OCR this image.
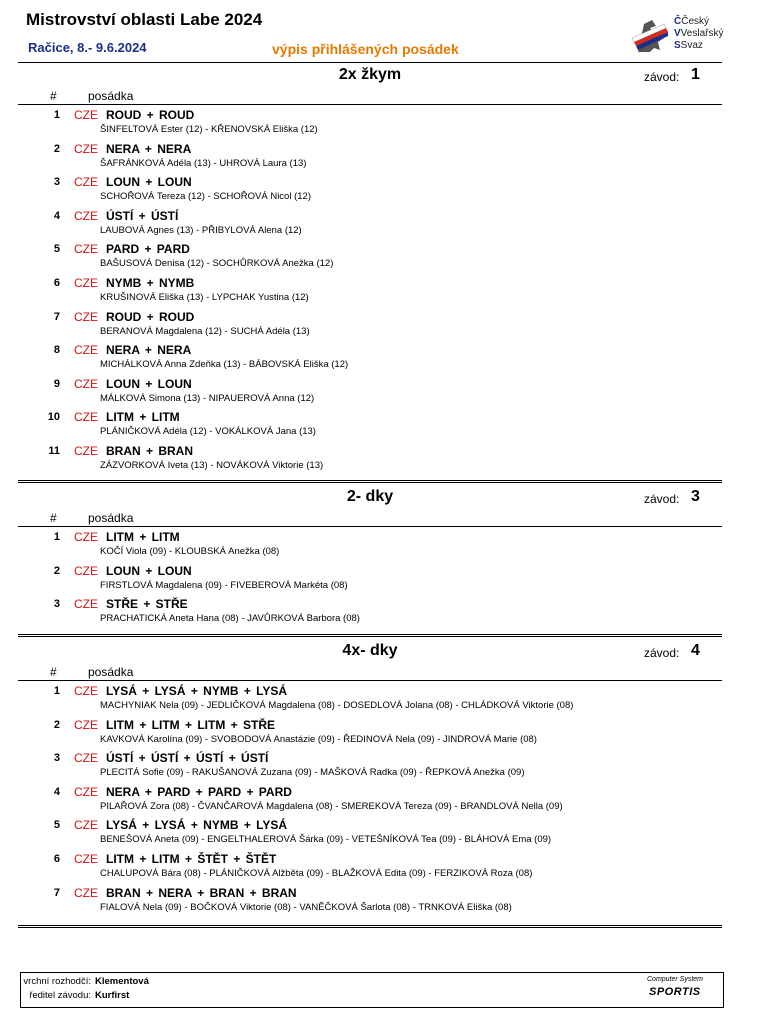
Mistrovství oblasti Labe 2024
Račice, 8.- 9.6.2024	výpis přihlášených posádek
ČČeský
VVeslařský
SSvaz
2x žkym	závod: 1
#	posádka
1 CZE ROUD + ROUD
ŠINFELTOVÁ Ester (12) - KŘENOVSKÁ Eliška (12)
2 CZE NERA + NERA
ŠAFRÁNKOVÁ Adéla (13) - UHROVÁ Laura (13)
3 CZE LOUN + LOUN
SCHOŘOVÁ Tereza (12) - SCHOŘOVÁ Nicol (12)
4 CZE ÚSTÍ + ÚSTÍ
LAUBOVÁ Agnes (13) - PŘIBYLOVÁ Alena (12)
5 CZE PARD + PARD
BAŠUSOVÁ Denisa (12) - SOCHŮRKOVÁ Anežka (12)
6 CZE NYMB + NYMB
KRUŠINOVÁ Eliška (13) - LYPCHAK Yustina (12)
7 CZE ROUD + ROUD
BERANOVÁ Magdalena (12) - SUCHÁ Adéla (13)
8 CZE NERA + NERA
MICHÁLKOVÁ Anna Zdeňka (13) - BÁBOVSKÁ Eliška (12)
9 CZE LOUN + LOUN
MÁLKOVÁ Simona (13) - NIPAUEROVÁ Anna (12)
10 CZE LITM + LITM
PLÁNIČKOVÁ Adéla (12) - VOKÁLKOVÁ Jana (13)
11 CZE BRAN + BRAN
ZÁZVORKOVÁ Iveta (13) - NOVÁKOVÁ Viktorie (13)
2- dky	závod: 3
#	posádka
1 CZE LITM + LITM
KOČÍ Viola (09) - KLOUBSKÁ Anežka (08)
2 CZE LOUN + LOUN
FIRSTLOVÁ Magdalena (09) - FIVEBEROVÁ Markéta (08)
3 CZE STŘE + STŘE
PRACHATICKÁ Aneta Hana (08) - JAVŮRKOVÁ Barbora (08)
4x- dky	závod: 4
#	posádka
1 CZE LYSÁ + LYSÁ + NYMB + LYSÁ
MACHYNIAK Nela (09) - JEDLIČKOVÁ Magdalena (08) - DOSEDLOVÁ Jolana (08) - CHLÁDKOVÁ Viktorie (08)
2 CZE LITM + LITM + LITM + STŘE
KAVKOVÁ Karolína (09) - SVOBODOVÁ Anastázie (09) - ŘEDINOVÁ Nela (09) - JINDROVÁ Marie (08)
3 CZE ÚSTÍ + ÚSTÍ + ÚSTÍ + ÚSTÍ
PLECITÁ Sofie (09) - RAKUŠANOVÁ Zuzana (09) - MAŠKOVÁ Radka (09) - ŘEPKOVÁ Anežka (09)
4 CZE NERA + PARD + PARD + PARD
PILAŘOVÁ Zora (08) - ČVANČAROVÁ Magdalena (08) - SMEREKOVÁ Tereza (09) - BRANDLOVÁ Nella (09)
5 CZE LYSÁ + LYSÁ + NYMB + LYSÁ
BENEŠOVÁ Aneta (09) - ENGELTHALEROVÁ Šárka (09) - VETEŠNÍKOVÁ Tea (09) - BLÁHOVÁ Ema (09)
6 CZE LITM + LITM + ŠTĚT + ŠTĚT
CHALUPOVÁ Bára (08) - PLÁNIČKOVÁ Alžběta (09) - BLAŽKOVÁ Edita (09) - FERZIKOVÁ Roza (08)
7 CZE BRAN + NERA + BRAN + BRAN
FIALOVÁ Nela (09) - BOČKOVÁ Viktorie (08) - VANĚČKOVÁ Šarlota (08) - TRNKOVÁ Eliška (08)
vrchní rozhodčí: Klementová
ředitel závodu: Kurfirst
Computer System
SPORTIS
